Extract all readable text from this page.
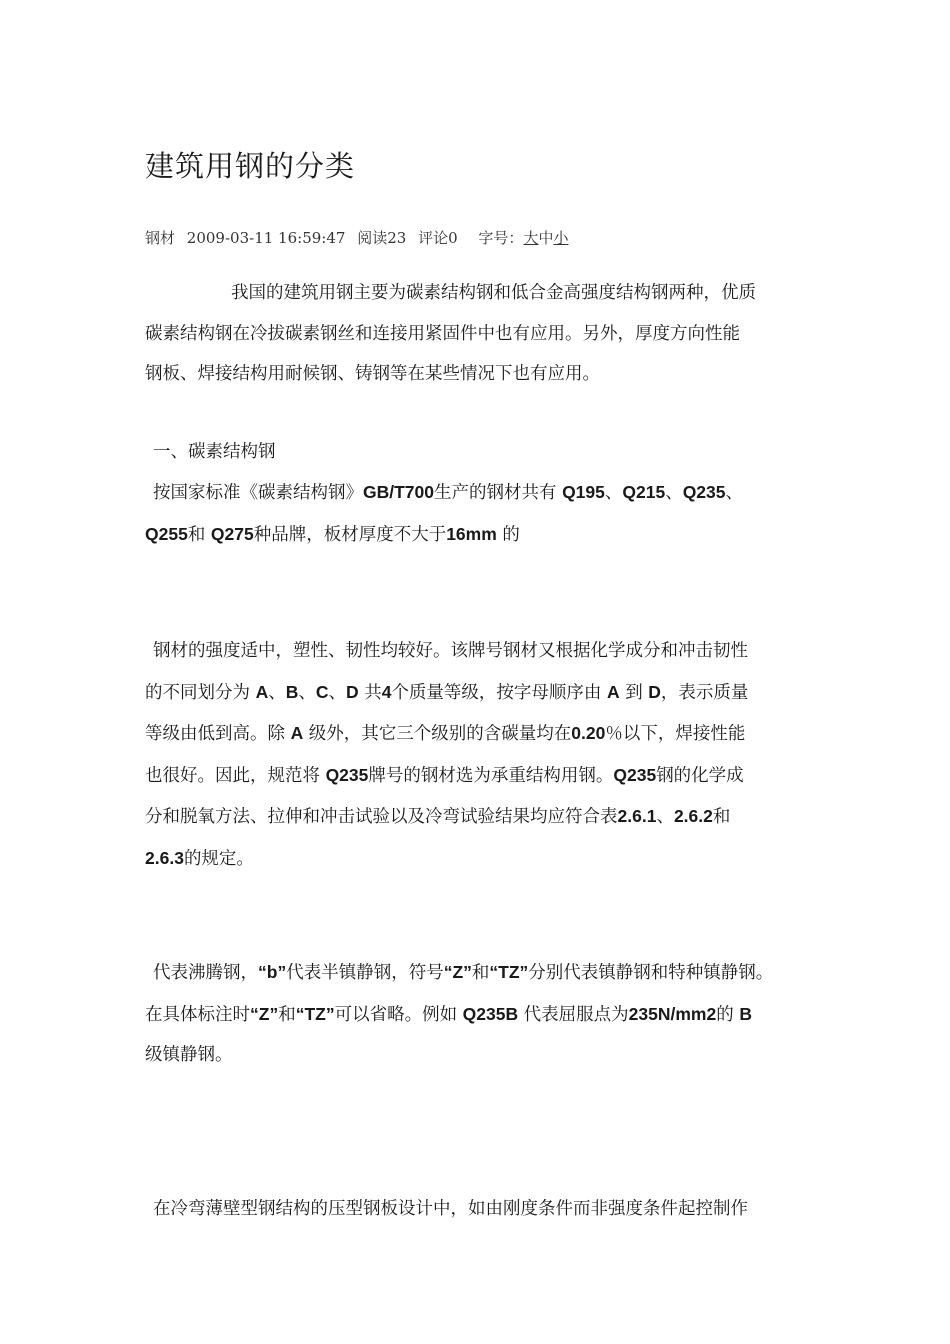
建筑用钢的分类
钢材 2009-03-11 16:59:47 阅读23 评论0 字号：大中小
我国的建筑用钢主要为碳素结构钢和低合金高强度结构钢两种，优质
碳素结构钢在冷拔碳素钢丝和连接用紧固件中也有应用。另外，厚度方向性能
钢板、焊接结构用耐候钢、铸钢等在某些情况下也有应用。
一、碳素结构钢
按国家标准《碳素结构钢》GB/T700生产的钢材共有 Q195、Q215、Q235、
Q255和 Q275种品牌，板材厚度不大于16mm 的
钢材的强度适中，塑性、韧性均较好。该牌号钢材又根据化学成分和冲击韧性
的不同划分为 A、B、C、D 共4个质量等级，按字母顺序由 A 到 D，表示质量
等级由低到高。除 A 级外，其它三个级别的含碳量均在0.20％以下，焊接性能
也很好。因此，规范将 Q235牌号的钢材选为承重结构用钢。Q235钢的化学成
分和脱氧方法、拉伸和冲击试验以及冷弯试验结果均应符合表2.6.1、2.6.2和
2.6.3的规定。
代表沸腾钢，“b”代表半镇静钢，符号“Z”和“TZ”分别代表镇静钢和特种镇静钢。
在具体标注时“Z”和“TZ”可以省略。例如 Q235B 代表屈服点为235N/mm2的 B
级镇静钢。
在冷弯薄壁型钢结构的压型钢板设计中，如由刚度条件而非强度条件起控制作
